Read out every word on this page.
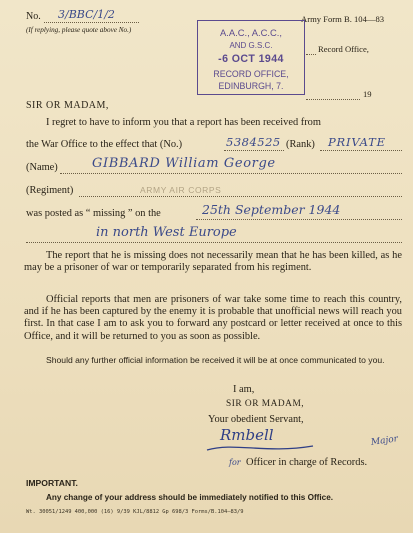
No. 3/BBC/1/2
(If replying, please quote above No.)
Army Form B. 104—83
Record Office,
19
A.A.C., A.C.C.,
AND G.S.C.
-6 OCT 1944
RECORD OFFICE,
EDINBURGH, 7.
SIR OR MADAM,
I regret to have to inform you that a report has been received from
the War Office to the effect that (No.)	5384525 (Rank) PRIVATE
(Name)	GIBBARD William George
(Regiment)	ARMY AIR CORPS
was posted as “ missing ” on the	25th September 1944
in north West Europe
The report that he is missing does not necessarily mean that he has been killed, as he may be a prisoner of war or temporarily separated from his regiment.
Official reports that men are prisoners of war take some time to reach this country, and if he has been captured by the enemy it is probable that unofficial news will reach you first. In that case I am to ask you to forward any postcard or letter received at once to this Office, and it will be returned to you as soon as possible.
Should any further official information be received it will be at once communicated to you.
I am,
SIR OR MADAM,
Your obedient Servant,
Rmbell	Major
for Officer in charge of Records.
IMPORTANT.
Any change of your address should be immediately notified to this Office.
Wt. 30051/1249 400,000 (16) 9/39 KJL/8812 Gp 698/3 Forms/B.104—83/9
